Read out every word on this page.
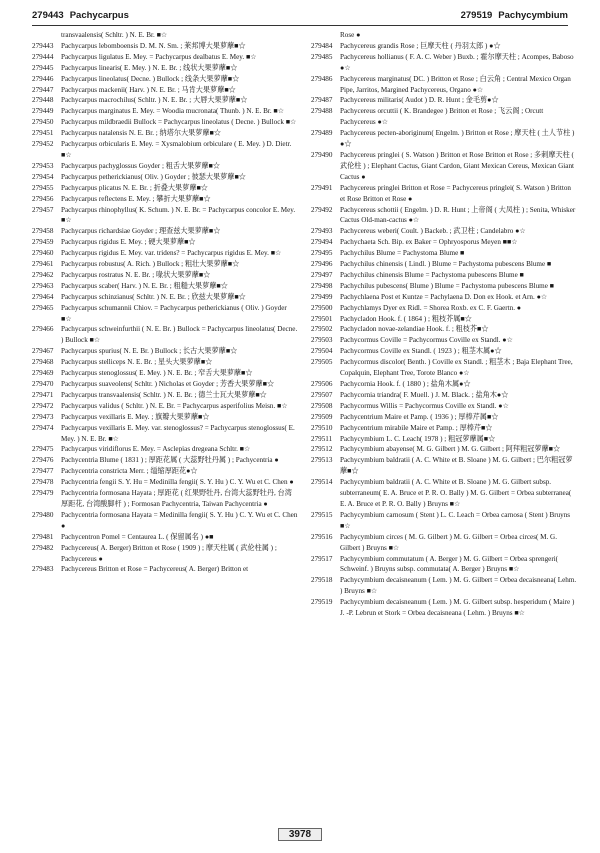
279443 Pachycarpus	279519 Pachycymbium
transvaalensis( Schltr. ) N. E. Br. ■☆
279443 Pachycarpus lebomboensis D. M. N. Sm. ; 莱邦博大果萝藦■☆
279444 Pachycarpus ligulatus E. Mey. = Pachycarpus dealbatus E. Mey. ■☆
279445 Pachycarpus linearis( E. Mey. ) N. E. Br. ; 线状大果萝藦■☆
279446 Pachycarpus lineolatus( Decne. ) Bullock ; 线条大果萝藦■☆
279447 Pachycarpus mackenii( Harv. ) N. E. Br. ; 马肯大果萝藦■☆
279448 Pachycarpus macrochilus( Schltr. ) N. E. Br. ; 大唇大果萝藦■☆
279449 Pachycarpus marginatus E. Mey. = Woodia mucronata( Thunb. ) N. E. Br. ■☆
279450 Pachycarpus mildbraedii Bullock = Pachycarpus lineolatus ( Decne. ) Bullock ■☆
279451 Pachycarpus natalensis N. E. Br. ; 纳塔尔大果萝藦■☆
279452 Pachycarpus orbicularis E. Mey. = Xysmalobium orbiculare ( E. Mey. ) D. Dietr. ■☆
279453 Pachycarpus pachyglossus Goyder ; 粗舌大果萝藦■☆
279454 Pachycarpus petherickianus( Oliv. ) Goyder ; 彼瑟大果萝藦■☆
279455 Pachycarpus plicatus N. E. Br. ; 折叠大果萝藦■☆
279456 Pachycarpus reflectens E. Mey. ; 攀折大果萝藦■☆
279457 Pachycarpus rhinophyllus( K. Schum. ) N. E. Br. = Pachycarpus concolor E. Mey. ■☆
279458 Pachycarpus richardsiae Goyder ; 理查兹大果萝藦■☆
279459 Pachycarpus rigidus E. Mey. ; 硬大果萝藦■☆
279460 Pachycarpus rigidus E. Mey. var. tridens? = Pachycarpus rigidus E. Mey. ■☆
279461 Pachycarpus robustus( A. Rich. ) Bullock ; 粗壮大果萝藦■☆
279462 Pachycarpus rostratus N. E. Br. ; 喙状大果萝藦■☆
279463 Pachycarpus scaber( Harv. ) N. E. Br. ; 粗糙大果萝藦■☆
279464 Pachycarpus schinzianus( Schltr. ) N. E. Br. ; 欣兹大果萝藦■☆
279465 Pachycarpus schumannii Chiov. = Pachycarpus petherickianus ( Oliv. ) Goyder ■☆
279466 Pachycarpus schweinfurthii ( N. E. Br. ) Bullock = Pachycarpus lineolatus( Decne. ) Bullock ■☆
279467 Pachycarpus spurius( N. E. Br. ) Bullock ; 长古大果萝藦■☆
279468 Pachycarpus stelliceps N. E. Br. ; 星头大果萝藦■☆
279469 Pachycarpus stenoglossus( E. Mey. ) N. E. Br. ; 窄舌大果萝藦■☆
279470 Pachycarpus suaveolens( Schltr. ) Nicholas et Goyder ; 芳香大果萝藦■☆
279471 Pachycarpus transvaalensis( Schltr. ) N. E. Br. ; 德兰士瓦大果萝藦■☆
279472 Pachycarpus validus ( Schltr. ) N. E. Br. = Pachycarpus asperifolius Meisn. ■☆
279473 Pachycarpus vexillaris E. Mey. ; 旗瓣大果萝藦■☆
279474 Pachycarpus vexillaris E. Mey. var. stenoglossus? = Pachycarpus stenoglossus( E. Mey. ) N. E. Br. ■☆
279475 Pachycarpus viridiflorus E. Mey. = Asclepias dregeana Schltr. ■☆
279476 Pachycentria Blume ( 1831 ) ; 厚距花属 ( 大蕊野牡丹属 ) ; Pachycentria ●
279477 Pachycentria constricta Merr. ; 缢缩厚距花●☆
279478 Pachycentria fengii S. Y. Hu = Medinilla fengii( S. Y. Hu ) C. Y. Wu et C. Chen ●
279479 Pachycentria formosana Hayata ; 厚距花 ( 红果野牡丹, 台湾大蕊野牡丹, 台湾厚距花, 台湾酸脚杆 ) ; Formosan Pachycentria, Taiwan Pachycentria ●
279480 Pachycentria formosana Hayata = Medinilla fengii( S. Y. Hu ) C. Y. Wu et C. Chen ●
279481 Pachycentron Pomel = Centaurea L. ( 保留属名 ) ●■
279482 Pachycereus( A. Berger) Britton et Rose ( 1909 ) ; 摩天柱属 ( 武伦柱属 ) ; Pachycereus ●
279483 Pachycereus Britton et Rose = Pachycereus( A. Berger) Britton et
Rose ●
279484 Pachycereus grandis Rose ; 巨摩天柱 ( 丹羽太郎 ) ●☆
279485 Pachycereus hollianus ( F. A. C. Weber ) Buxb. ; 霍尔摩天柱 ; Acompes, Baboso ●☆
279486 Pachycereus marginatus( DC. ) Britton et Rose ; 白云角 ; Central Mexico Organ Pipe, Jarritos, Margined Pachycereus, Organo ●☆
279487 Pachycereus militaris( Audot ) D. R. Hunt ; 金毛剪●☆
279488 Pachycereus orcuttii ( K. Brandegee ) Britton et Rose ; 飞云阁 ; Orcutt Pachycereus ●☆
279489 Pachycereus pecten-aboriginum( Engelm. ) Britton et Rose ; 摩天柱 ( 土人节柱 ) ●☆
279490 Pachycereus pringlei ( S. Watson ) Britton et Rose Britton et Rose ; 多刺摩天柱 ( 武伦柱 ) ; Elephant Cactus, Giant Cardon, Giant Mexican Cereus, Mexican Giant Cactus ●
279491 Pachycereus pringlei Britton et Rose = Pachycereus pringlei( S. Watson ) Britton et Rose Britton et Rose ●
279492 Pachycereus schottii ( Engelm. ) D. R. Hunt ; 上帝阁 ( 大凤柱 ) ; Senita, Whisker Cactus Old-man-cactus ●☆
279493 Pachycereus weberi( Coult. ) Backeb. ; 武卫柱 ; Candelabro ●☆
279494 Pachychaeta Sch. Bip. ex Baker = Ophryosporus Meyen ■■☆
279495 Pachychilus Blume = Pachystoma Blume ■
279496 Pachychilus chinensis ( Lindl. ) Blume = Pachystoma pubescens Blume ■
279497 Pachychilus chinensis Blume = Pachystoma pubescens Blume ■
279498 Pachychilus pubescens( Blume ) Blume = Pachystoma pubescens Blume ■
279499 Pachychlaena Post et Kuntze = Pachylaena D. Don ex Hook. et Arn. ●☆
279500 Pachychlamys Dyer ex Ridl. = Shorea Roxb. ex C. F. Gaertn. ●
279501 Pachycladon Hook. f. ( 1864 ) ; 粗枝芥属■☆
279502 Pachycladon novae-zelandiae Hook. f. ; 粗枝芥■☆
279503 Pachycormus Coville = Pachycormus Coville ex Standl. ●☆
279504 Pachycormus Coville ex Standl. ( 1923 ) ; 粗茎木属●☆
279505 Pachycormus discolor( Benth. ) Coville ex Standl. ; 粗茎木 ; Baja Elephant Tree, Copalquin, Elephant Tree, Torote Blanco ●☆
279506 Pachycornia Hook. f. ( 1880 ) ; 盐角木属●☆
279507 Pachycornia triandra( F. Muell. ) J. M. Black. ; 盐角木●☆
279508 Pachycormus Willis = Pachycormus Coville ex Standl. ●☆
279509 Pachycentrium Maire et Pamp. ( 1936 ) ; 厚棒芹属■☆
279510 Pachycentrium mirabile Maire et Pamp. ; 厚棒芹■☆
279511 Pachycymbium L. C. Leach( 1978 ) ; 粗冠萝藦属■☆
279512 Pachycymbium abayense( M. G. Gilbert ) M. G. Gilbert ; 阿拜粗冠萝藦■☆
279513 Pachycymbium baldratii ( A. C. White et B. Sloane ) M. G. Gilbert ; 巴尔粗冠萝藦■☆
279514 Pachycymbium baldratii ( A. C. White et B. Sloane ) M. G. Gilbert subsp. subterraneum( E. A. Bruce et P. R. O. Bally ) M. G. Gilbert = Orbea subterranea( E. A. Bruce et P. R. O. Bally ) Bruyns ■☆
279515 Pachycymbium carnosum ( Stent ) L. C. Leach = Orbea carnosa ( Stent ) Bruyns ■☆
279516 Pachycymbium circes ( M. G. Gilbert ) M. G. Gilbert = Orbea circes( M. G. Gilbert ) Bruyns ■☆
279517 Pachycymbium commutatum ( A. Berger ) M. G. Gilbert = Orbea sprengeri( Schweinf. ) Bruyns subsp. commutata( A. Berger ) Bruyns ■☆
279518 Pachycymbium decaisneanum ( Lem. ) M. G. Gilbert = Orbea decaisneana( Lehm. ) Bruyns ■☆
279519 Pachycymbium decaisneanum ( Lem. ) M. G. Gilbert subsp. hesperidum ( Maire ) J. -P. Lebrun et Stork = Orbea decaisneana ( Lehm. ) Bruyns ■☆
3978
